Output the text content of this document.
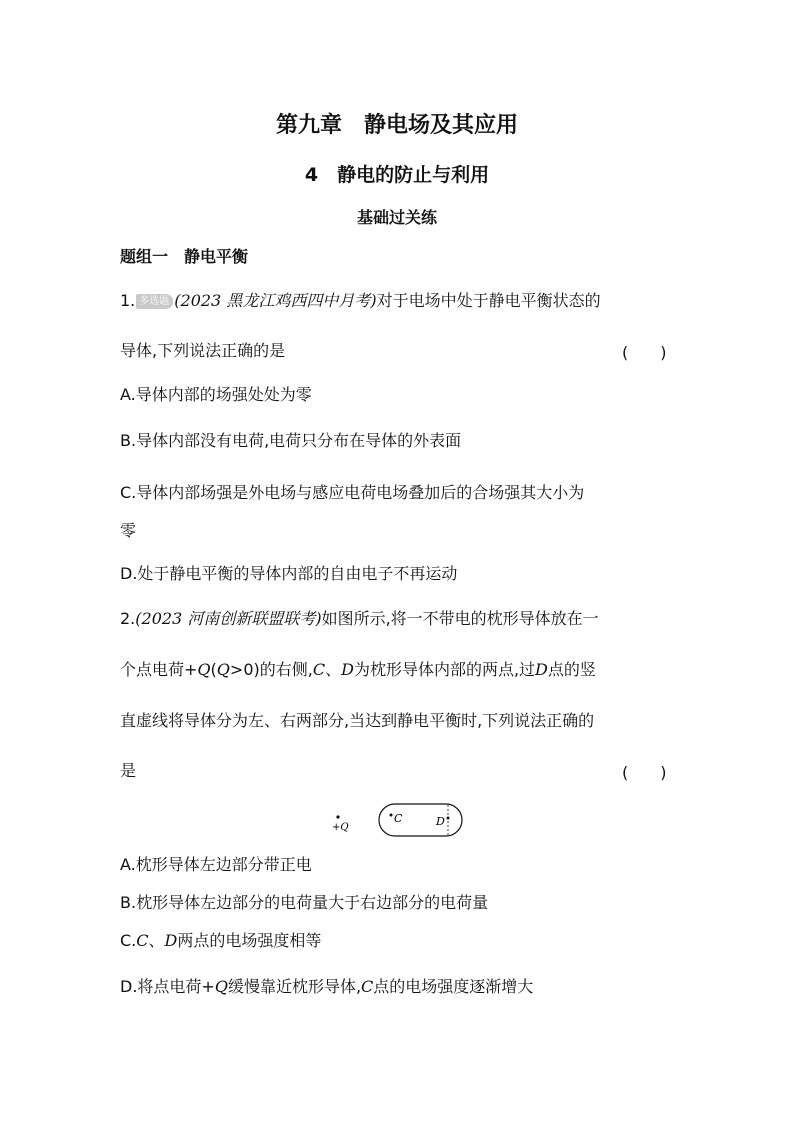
第九章　静电场及其应用
4　静电的防止与利用
基础过关练
题组一　静电平衡
1. 多选题 (2023 黑龙江鸡西四中月考)对于电场中处于静电平衡状态的
导体,下列说法正确的是	(　　)
A.导体内部的场强处处为零
B.导体内部没有电荷,电荷只分布在导体的外表面
C.导体内部场强是外电场与感应电荷电场叠加后的合场强其大小为
零
D.处于静电平衡的导体内部的自由电子不再运动
2.(2023 河南创新联盟联考)如图所示,将一不带电的枕形导体放在一
个点电荷+Q(Q>0)的右侧,C、D为枕形导体内部的两点,过D点的竖
直虚线将导体分为左、右两部分,当达到静电平衡时,下列说法正确的
是	(　　)
+Q
C	D
A.枕形导体左边部分带正电
B.枕形导体左边部分的电荷量大于右边部分的电荷量
C.C、D两点的电场强度相等
D.将点电荷+Q缓慢靠近枕形导体,C点的电场强度逐渐增大
